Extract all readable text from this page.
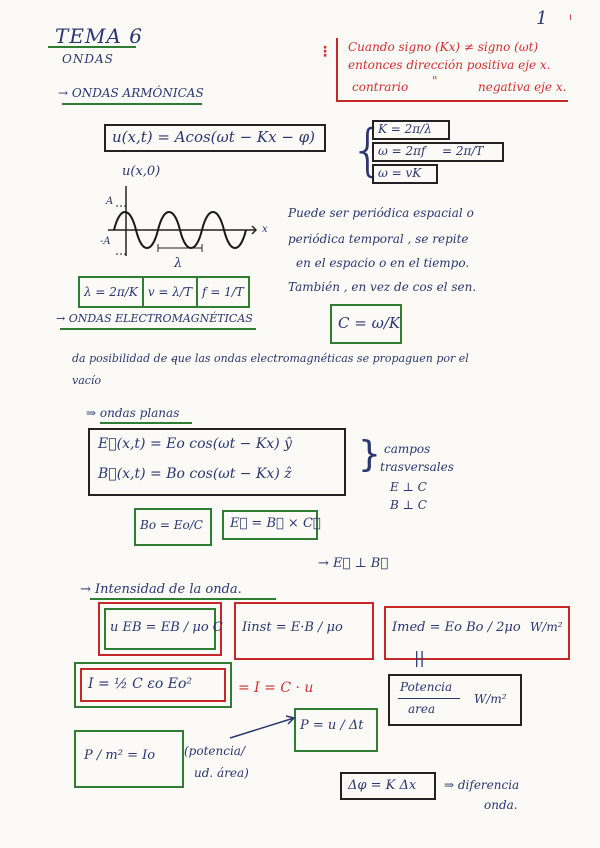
1 ı
TEMA 6
ONDAS	⋮ Cuando signo (Kx) ≠ signo (ωt)
entonces dirección positiva eje x.
contrario "	negativa eje x.
→ ONDAS ARMÓNICAS
u(x,t) = Acos(ωt − Kx − φ) {
K = 2π/λ
ω = 2πf = 2π/T
ω = vK
u(x,0)
A
-A
x
λ
λ = 2π/K v = λ/T f = 1/T
Puede ser periódica espacial o
periódica temporal , se repite
en el espacio o en el tiempo.
También , en vez de cos el sen.
C = ω/K
→ ONDAS ELECTROMAGNÉTICAS
da posibilidad de q̶ue las ondas electromagnéticas se propaguen por el
vacío
⇒ ondas planas
E⃗(x,t) = Eo cos(ωt − Kx) ŷ
B⃗(x,t) = Bo cos(ωt − Kx) ẑ } campos
trasversales
E ⊥ C
B ⊥ C
Bo = Eo/C E⃗ = B⃗ × C⃗
→ E⃗ ⊥ B⃗
→ Intensidad de la onda.
u EB = EB / μo C Iinst = E·B / μo	Imed = Eo Bo / 2μo W/m²
||
I = ½ C εo Eo²	= I = C · u	Potencia
area
W/m²
P = u / Δt
P / m² = Io (potencia/
ud. área)
Δφ = K Δx ⇒ diferencia
onda.
